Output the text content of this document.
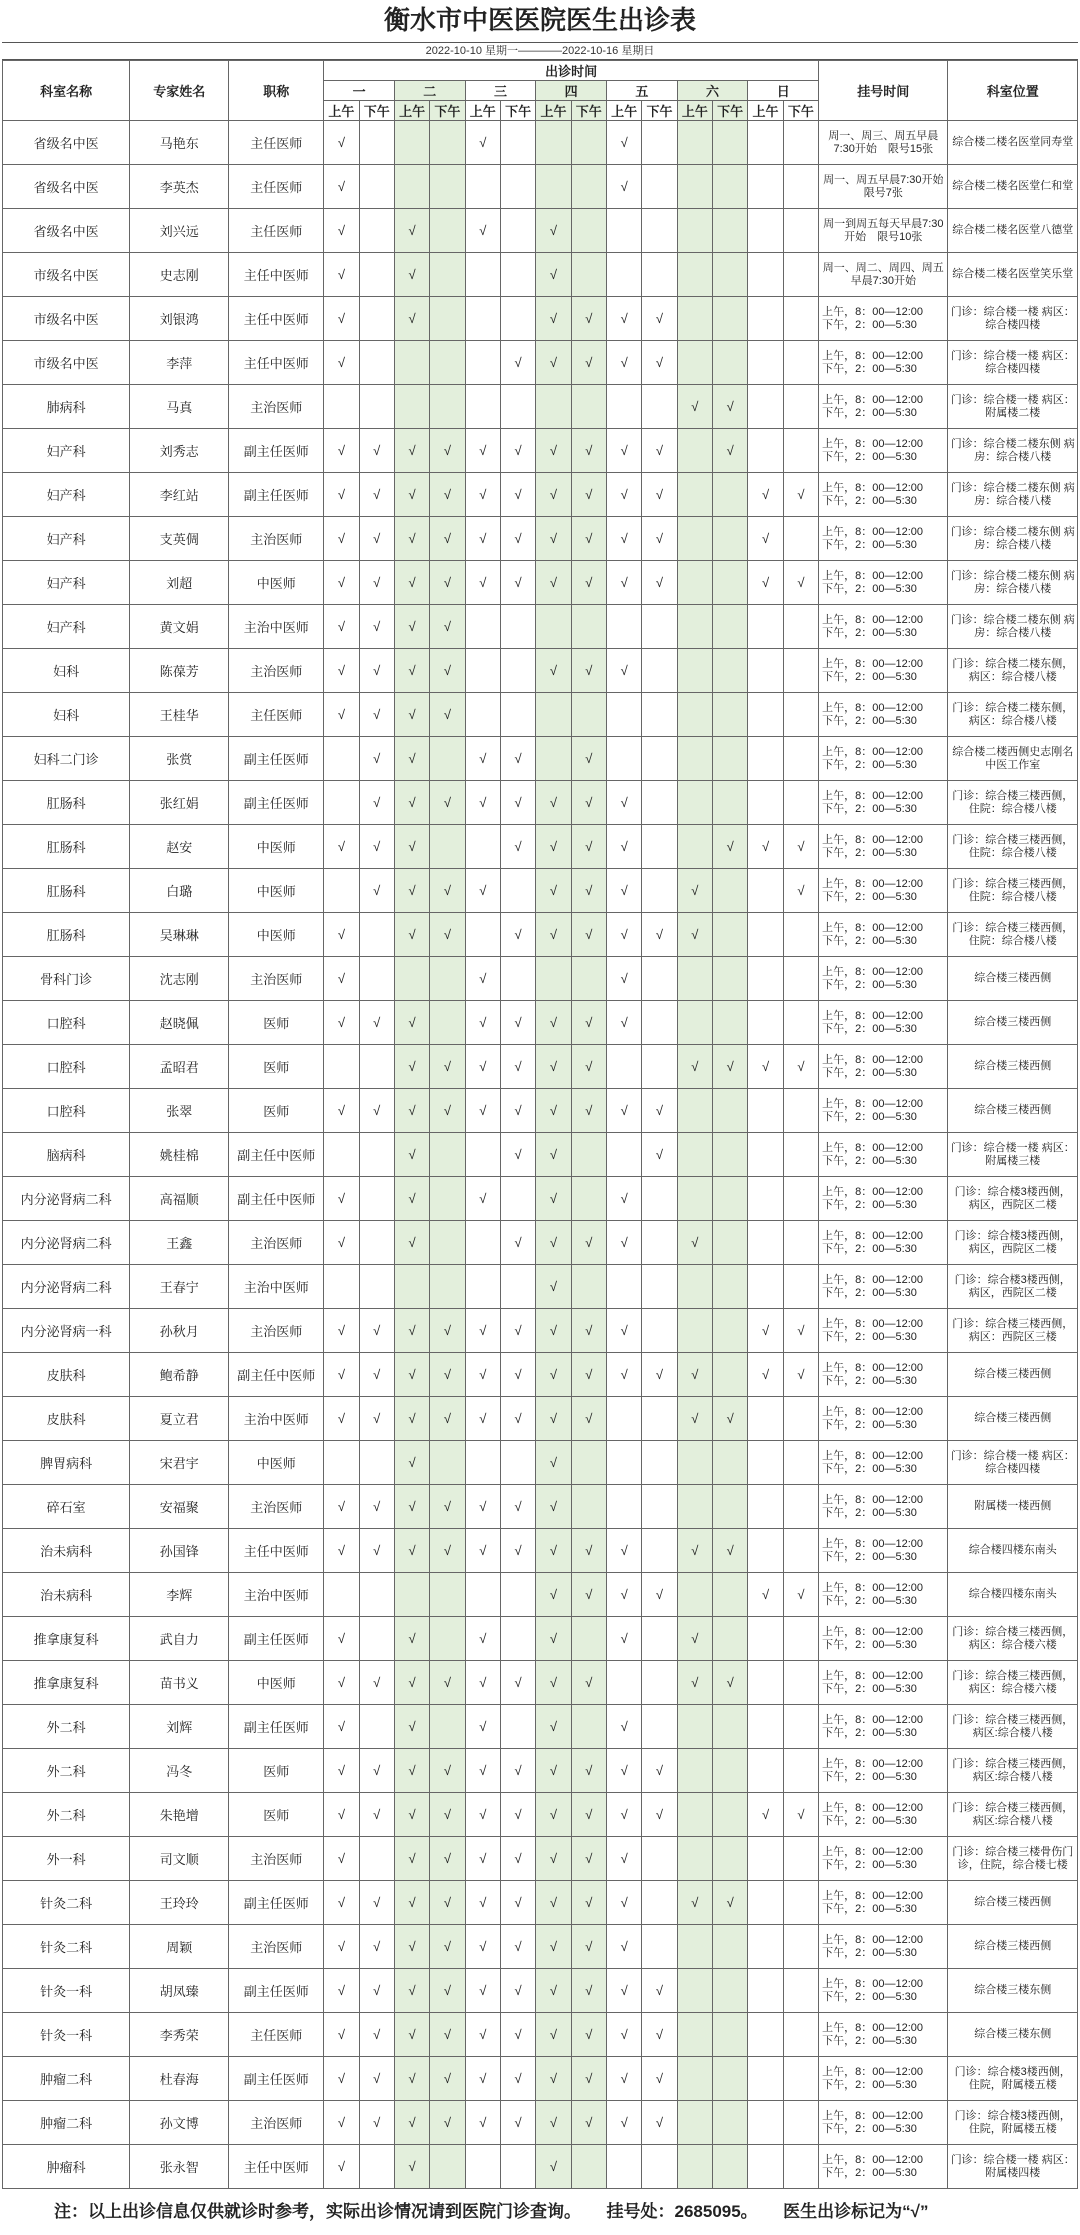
衡水市中医医院医生出诊表
2022-10-10 星期一————2022-10-16 星期日
科室名称	专家姓名	职称	出诊时间														挂号时间	科室位置
			一		二		三		四		五		六		日			
			上午	下午	上午	下午	上午	下午	上午	下午	上午	下午	上午	下午	上午	下午		
省级名中医	马艳东	主任医师	√				√				√						周一、周三、周五早晨7:30开始　限号15张	综合楼二楼名医堂同寿堂
省级名中医	李英杰	主任医师	√								√						周一、周五早晨7:30开始　限号7张	综合楼二楼名医堂仁和堂
省级名中医	刘兴远	主任医师	√		√		√		√								周一到周五每天早晨7:30开始　限号10张	综合楼二楼名医堂八德堂
市级名中医	史志刚	主任中医师	√		√				√								周一、周二、周四、周五 早晨7:30开始	综合楼二楼名医堂笑乐堂
市级名中医	刘银鸿	主任中医师	√		√				√	√	√	√					上午，8：00—12:00
下午，2：00—5:30	门诊：综合楼一楼 病区：综合楼四楼
市级名中医	李萍	主任中医师	√					√	√	√	√	√					上午，8：00—12:00
下午，2：00—5:30	门诊：综合楼一楼 病区：综合楼四楼
肺病科	马真	主治医师											√	√			上午，8：00—12:00
下午，2：00—5:30	门诊：综合楼一楼 病区：附属楼二楼
妇产科	刘秀志	副主任医师	√	√	√	√	√	√	√	√	√	√		√			上午，8：00—12:00
下午，2：00—5:30	门诊：综合楼二楼东侧 病房：综合楼八楼
妇产科	李红站	副主任医师	√	√	√	√	√	√	√	√	√	√			√	√	上午，8：00—12:00
下午，2：00—5:30	门诊：综合楼二楼东侧 病房：综合楼八楼
妇产科	支英倜	主治医师	√	√	√	√	√	√	√	√	√	√			√		上午，8：00—12:00
下午，2：00—5:30	门诊：综合楼二楼东侧 病房：综合楼八楼
妇产科	刘超	中医师	√	√	√	√	√	√	√	√	√	√			√	√	上午，8：00—12:00
下午，2：00—5:30	门诊：综合楼二楼东侧 病房：综合楼八楼
妇产科	黄文娟	主治中医师	√	√	√	√											上午，8：00—12:00
下午，2：00—5:30	门诊：综合楼二楼东侧 病房：综合楼八楼
妇科	陈葆芳	主治医师	√	√	√	√			√	√	√						上午，8：00—12:00
下午，2：00—5:30	门诊：综合楼二楼东侧，病区：综合楼八楼
妇科	王桂华	主任医师	√	√	√	√											上午，8：00—12:00
下午，2：00—5:30	门诊：综合楼二楼东侧，病区：综合楼八楼
妇科二门诊	张赏	副主任医师		√	√		√	√		√							上午，8：00—12:00
下午，2：00—5:30	综合楼二楼西侧史志刚名中医工作室
肛肠科	张红娟	副主任医师		√	√	√	√	√	√	√	√						上午，8：00—12:00
下午，2：00—5:30	门诊：综合楼三楼西侧，住院：综合楼八楼
肛肠科	赵安	中医师	√	√	√			√	√	√	√			√	√	√	上午，8：00—12:00
下午，2：00—5:30	门诊：综合楼三楼西侧，住院：综合楼八楼
肛肠科	白璐	中医师		√	√	√	√		√	√	√		√			√	上午，8：00—12:00
下午，2：00—5:30	门诊：综合楼三楼西侧，住院：综合楼八楼
肛肠科	吴琳琳	中医师	√		√	√		√	√	√	√	√	√				上午，8：00—12:00
下午，2：00—5:30	门诊：综合楼三楼西侧，住院：综合楼八楼
骨科门诊	沈志刚	主治医师	√				√				√						上午，8：00—12:00
下午，2：00—5:30	综合楼三楼西侧
口腔科	赵晓佩	医师	√	√	√		√	√	√	√	√						上午，8：00—12:00
下午，2：00—5:30	综合楼三楼西侧
口腔科	孟昭君	医师			√	√	√	√	√	√			√	√	√	√	上午，8：00—12:00
下午，2：00—5:30	综合楼三楼西侧
口腔科	张翠	医师	√	√	√	√	√	√	√	√	√	√					上午，8：00—12:00
下午，2：00—5:30	综合楼三楼西侧
脑病科	姚桂棉	副主任中医师			√			√	√			√					上午，8：00—12:00
下午，2：00—5:30	门诊：综合楼一楼 病区：附属楼三楼
内分泌肾病二科	高福顺	副主任中医师	√		√		√		√		√						上午，8：00—12:00
下午，2：00—5:30	门诊：综合楼3楼西侧，病区，西院区二楼
内分泌肾病二科	王鑫	主治医师	√		√			√	√	√	√		√				上午，8：00—12:00
下午，2：00—5:30	门诊：综合楼3楼西侧，病区，西院区二楼
内分泌肾病二科	王春宁	主治中医师							√								上午，8：00—12:00
下午，2：00—5:30	门诊：综合楼3楼西侧，病区，西院区二楼
内分泌肾病一科	孙秋月	主治医师	√	√	√	√	√	√	√	√	√				√	√	上午，8：00—12:00
下午，2：00—5:30	门诊：综合楼三楼西侧，病区：西院区三楼
皮肤科	鲍希静	副主任中医师	√	√	√	√	√	√	√	√	√	√	√		√	√	上午，8：00—12:00
下午，2：00—5:30	综合楼三楼西侧
皮肤科	夏立君	主治中医师	√	√	√	√	√	√	√	√			√	√			上午，8：00—12:00
下午，2：00—5:30	综合楼三楼西侧
脾胃病科	宋君宇	中医师			√				√								上午，8：00—12:00
下午，2：00—5:30	门诊：综合楼一楼 病区：综合楼四楼
碎石室	安福聚	主治医师	√	√	√	√	√	√	√								上午，8：00—12:00
下午，2：00—5:30	附属楼一楼西侧
治未病科	孙国锋	主任中医师	√	√	√	√	√	√	√	√	√		√	√			上午，8：00—12:00
下午，2：00—5:30	综合楼四楼东南头
治未病科	李辉	主治中医师							√	√	√	√			√	√	上午，8：00—12:00
下午，2：00—5:30	综合楼四楼东南头
推拿康复科	武自力	副主任医师	√		√		√		√		√		√				上午，8：00—12:00
下午，2：00—5:30	门诊：综合楼三楼西侧，病区：综合楼六楼
推拿康复科	苗书义	中医师	√	√	√	√	√	√	√	√			√	√			上午，8：00—12:00
下午，2：00—5:30	门诊：综合楼三楼西侧，病区：综合楼六楼
外二科	刘辉	副主任医师	√		√		√		√		√						上午，8：00—12:00
下午，2：00—5:30	门诊：综合楼三楼西侧，病区:综合楼八楼
外二科	冯冬	医师	√	√	√	√	√	√	√	√	√	√					上午，8：00—12:00
下午，2：00—5:30	门诊：综合楼三楼西侧，病区:综合楼八楼
外二科	朱艳增	医师	√	√	√	√	√	√	√	√	√	√			√	√	上午，8：00—12:00
下午，2：00—5:30	门诊：综合楼三楼西侧，病区:综合楼八楼
外一科	司文顺	主治医师	√		√	√	√	√	√	√	√						上午，8：00—12:00
下午，2：00—5:30	门诊：综合楼三楼骨伤门诊，住院，综合楼七楼
针灸二科	王玲玲	副主任医师	√	√	√	√	√	√	√	√	√		√	√			上午，8：00—12:00
下午，2：00—5:30	综合楼三楼西侧
针灸二科	周颖	主治医师	√	√	√	√	√	√	√	√	√						上午，8：00—12:00
下午，2：00—5:30	综合楼三楼西侧
针灸一科	胡凤臻	副主任医师	√	√	√	√	√	√	√	√	√	√					上午，8：00—12:00
下午，2：00—5:30	综合楼三楼东侧
针灸一科	李秀荣	主任医师	√	√	√	√	√	√	√	√	√	√					上午，8：00—12:00
下午，2：00—5:30	综合楼三楼东侧
肿瘤二科	杜春海	副主任医师	√	√	√	√	√	√	√	√	√	√					上午，8：00—12:00
下午，2：00—5:30	门诊：综合楼3楼西侧，住院，附属楼五楼
肿瘤二科	孙文博	主治医师	√	√	√	√	√	√	√	√	√	√					上午，8：00—12:00
下午，2：00—5:30	门诊：综合楼3楼西侧，住院，附属楼五楼
肿瘤科	张永智	主任中医师	√		√				√								上午，8：00—12:00
下午，2：00—5:30	门诊：综合楼一楼 病区：附属楼四楼
注：以上出诊信息仅供就诊时参考，实际出诊情况请到医院门诊查询。　　挂号处：2685095。　　医生出诊标记为“√”
